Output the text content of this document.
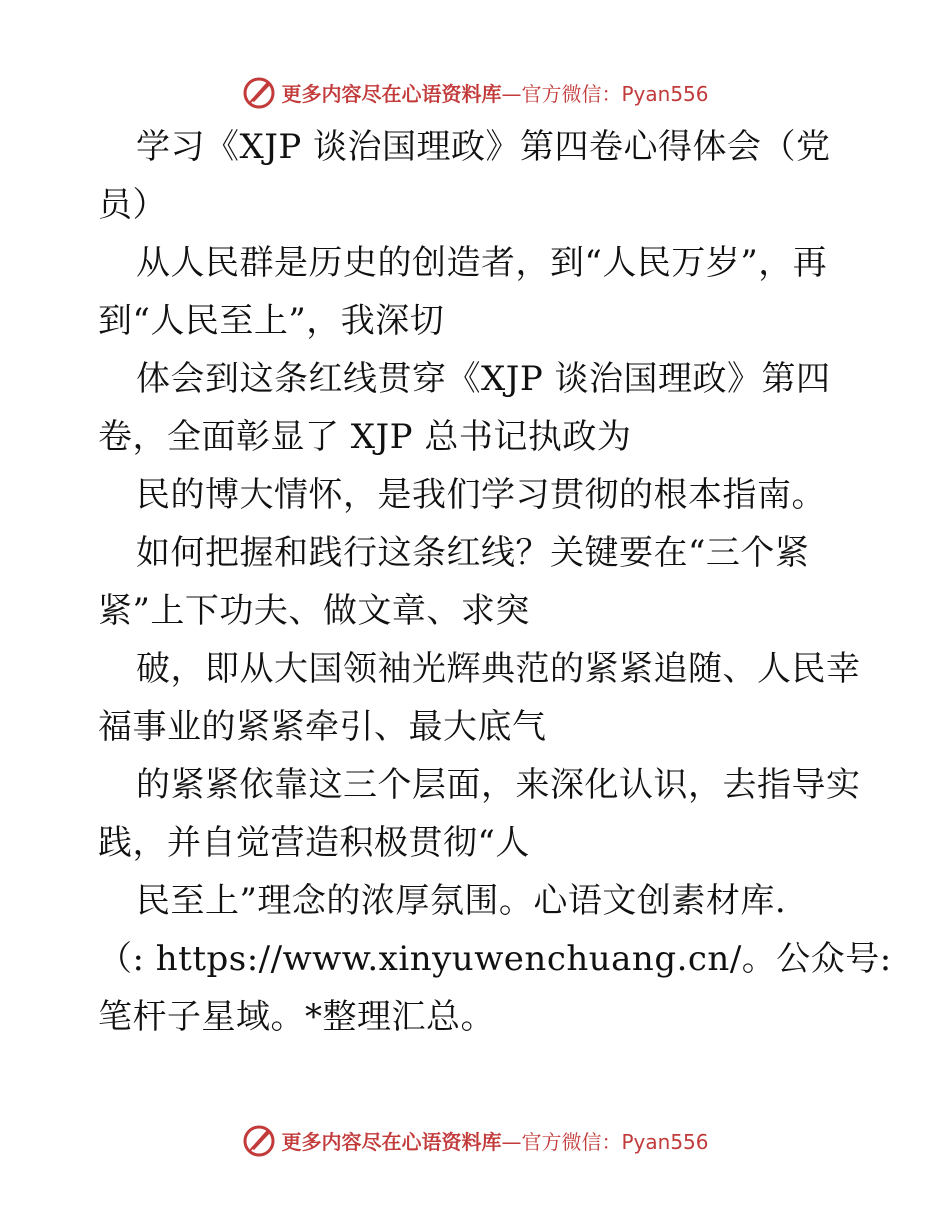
更多内容尽在心语资料库 — 官方微信： Pyan556
学习《XJP 谈治国理政》第四卷心得体会（党
员）
从人民群是历史的创造者，到“人民万岁”，再
到“人民至上”，我深切
体会到这条红线贯穿《XJP 谈治国理政》第四
卷，全面彰显了 XJP 总书记执政为
民的博大情怀，是我们学习贯彻的根本指南。
如何把握和践行这条红线？关键要在“三个紧
紧”上下功夫、做文章、求突
破，即从大国领袖光辉典范的紧紧追随、人民幸
福事业的紧紧牵引、最大底气
的紧紧依靠这三个层面，来深化认识，去指导实
践，并自觉营造积极贯彻“人
民至上”理念的浓厚氛围。心语文创素材库.
（: https://www.xinyuwenchuang.cn/。公众号:
笔杆子星域。*整理汇总。
更多内容尽在心语资料库 — 官方微信： Pyan556
